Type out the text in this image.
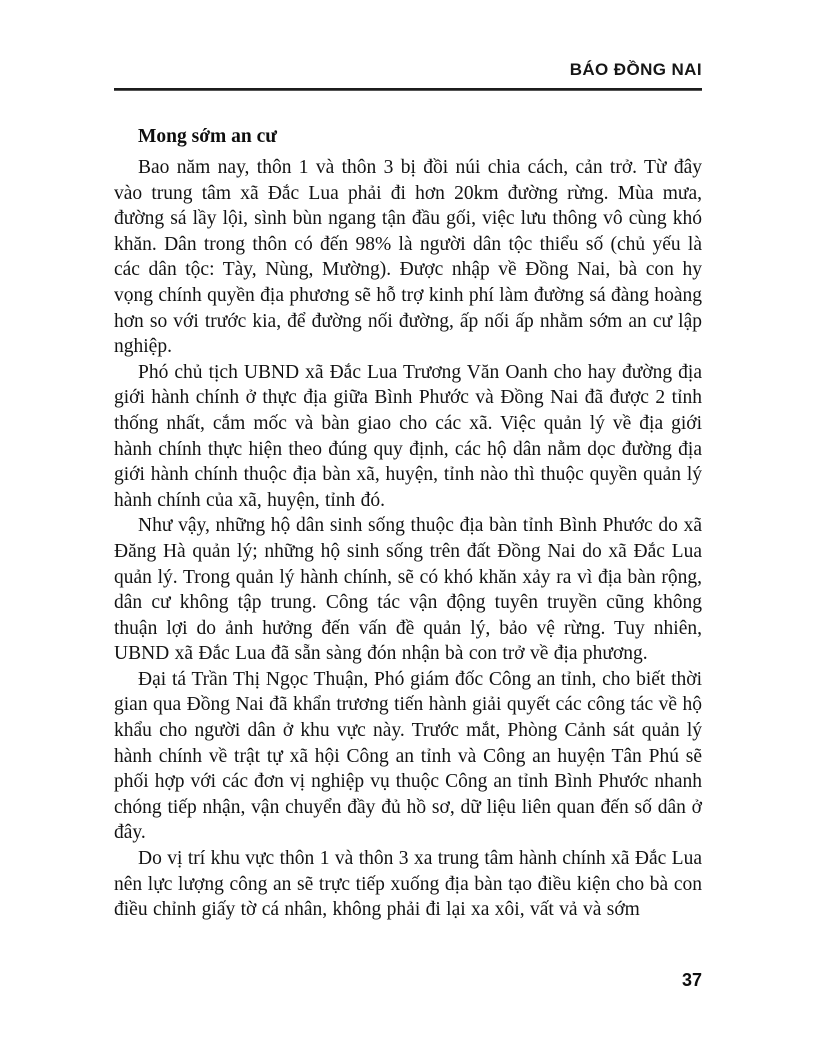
BÁO ĐỒNG NAI
Mong sớm an cư

Bao năm nay, thôn 1 và thôn 3 bị đồi núi chia cách, cản trở. Từ đây vào trung tâm xã Đắc Lua phải đi hơn 20km đường rừng. Mùa mưa, đường sá lầy lội, sình bùn ngang tận đầu gối, việc lưu thông vô cùng khó khăn. Dân trong thôn có đến 98% là người dân tộc thiểu số (chủ yếu là các dân tộc: Tày, Nùng, Mường). Được nhập về Đồng Nai, bà con hy vọng chính quyền địa phương sẽ hỗ trợ kinh phí làm đường sá đàng hoàng hơn so với trước kia, để đường nối đường, ấp nối ấp nhằm sớm an cư lập nghiệp.

Phó chủ tịch UBND xã Đắc Lua Trương Văn Oanh cho hay đường địa giới hành chính ở thực địa giữa Bình Phước và Đồng Nai đã được 2 tỉnh thống nhất, cắm mốc và bàn giao cho các xã. Việc quản lý về địa giới hành chính thực hiện theo đúng quy định, các hộ dân nằm dọc đường địa giới hành chính thuộc địa bàn xã, huyện, tỉnh nào thì thuộc quyền quản lý hành chính của xã, huyện, tỉnh đó.

Như vậy, những hộ dân sinh sống thuộc địa bàn tỉnh Bình Phước do xã Đăng Hà quản lý; những hộ sinh sống trên đất Đồng Nai do xã Đắc Lua quản lý. Trong quản lý hành chính, sẽ có khó khăn xảy ra vì địa bàn rộng, dân cư không tập trung. Công tác vận động tuyên truyền cũng không thuận lợi do ảnh hưởng đến vấn đề quản lý, bảo vệ rừng. Tuy nhiên, UBND xã Đắc Lua đã sẵn sàng đón nhận bà con trở về địa phương.

Đại tá Trần Thị Ngọc Thuận, Phó giám đốc Công an tỉnh, cho biết thời gian qua Đồng Nai đã khẩn trương tiến hành giải quyết các công tác về hộ khẩu cho người dân ở khu vực này. Trước mắt, Phòng Cảnh sát quản lý hành chính về trật tự xã hội Công an tỉnh và Công an huyện Tân Phú sẽ phối hợp với các đơn vị nghiệp vụ thuộc Công an tỉnh Bình Phước nhanh chóng tiếp nhận, vận chuyển đầy đủ hồ sơ, dữ liệu liên quan đến số dân ở đây.

Do vị trí khu vực thôn 1 và thôn 3 xa trung tâm hành chính xã Đắc Lua nên lực lượng công an sẽ trực tiếp xuống địa bàn tạo điều kiện cho bà con điều chỉnh giấy tờ cá nhân, không phải đi lại xa xôi, vất vả và sớm

37
